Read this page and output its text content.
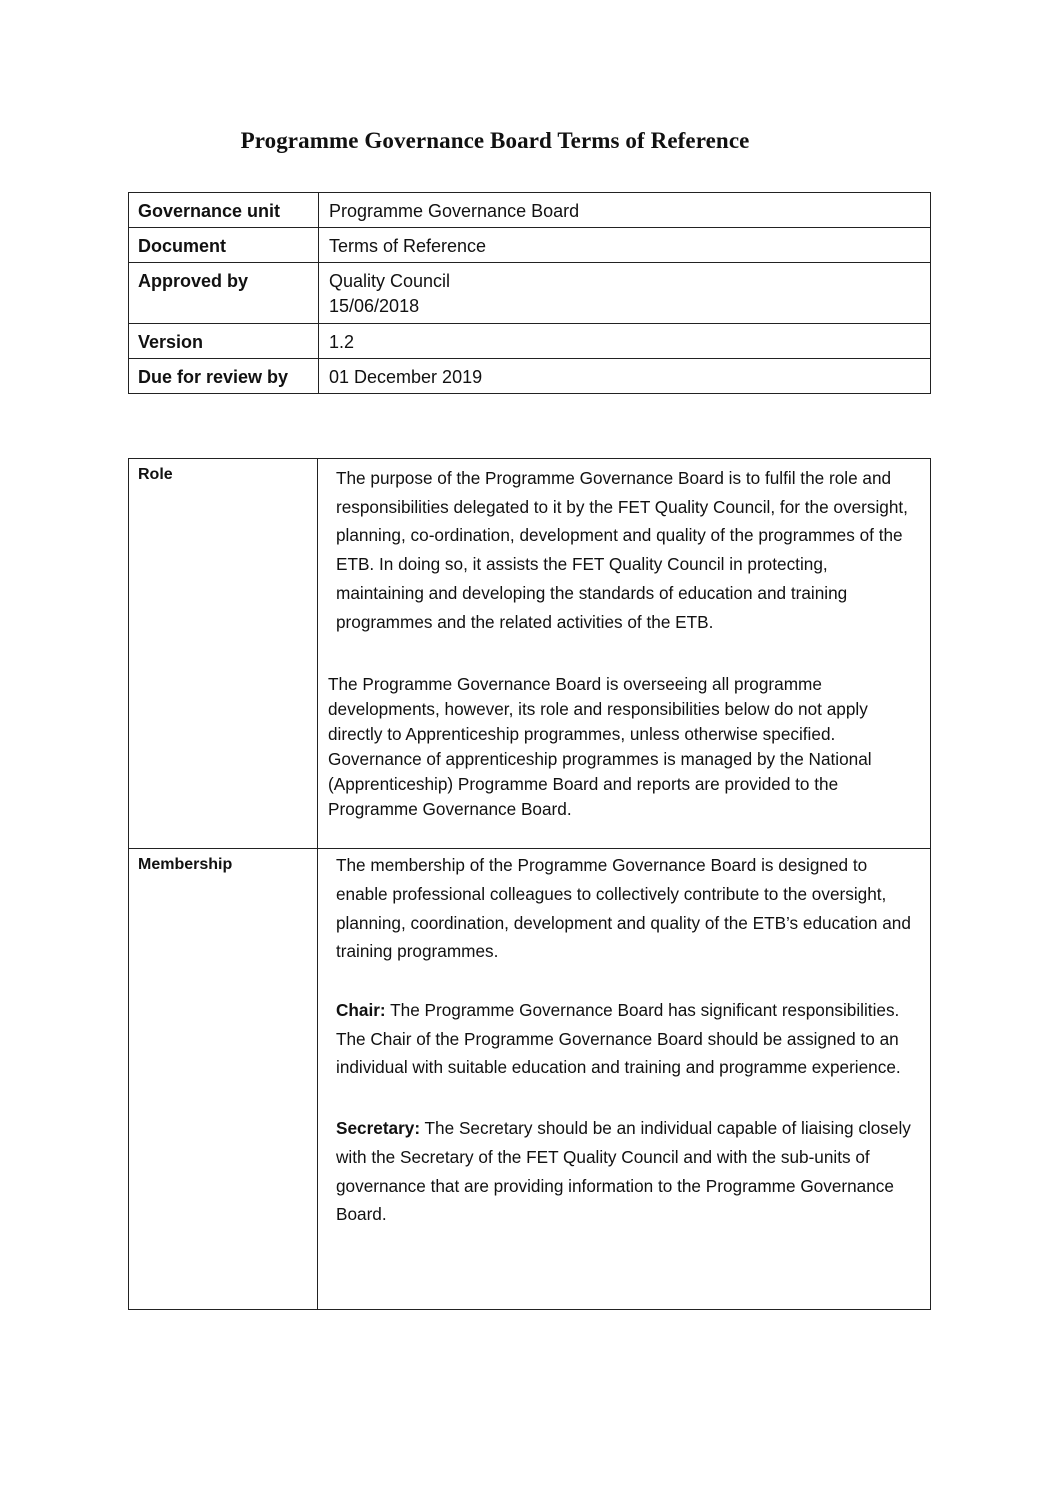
Programme Governance Board Terms of Reference
Governance unit	Programme Governance Board
Document	Terms of Reference
Approved by	Quality Council
15/06/2018

Version	1.2
Due for review by	01 December 2019
Role	The purpose of the Programme Governance Board is to fulfil the role and responsibilities delegated to it by the FET Quality Council, for the oversight, planning, co-ordination, development and quality of the programmes of the ETB. In doing so, it assists the FET Quality Council in protecting, maintaining and developing the standards of education and training programmes and the related activities of the ETB.

The Programme Governance Board is overseeing all programme developments, however, its role and responsibilities below do not apply directly to Apprenticeship programmes, unless otherwise specified. Governance of apprenticeship programmes is managed by the National (Apprenticeship) Programme Board and reports are provided to the Programme Governance Board.

Membership	The membership of the Programme Governance Board is designed to enable professional colleagues to collectively contribute to the oversight, planning, coordination, development and quality of the ETB’s education and training programmes.

Chair: The Programme Governance Board has significant responsibilities. The Chair of the Programme Governance Board should be assigned to an individual with suitable education and training and programme experience.

Secretary: The Secretary should be an individual capable of liaising closely with the Secretary of the FET Quality Council and with the sub-units of governance that are providing information to the Programme Governance Board.
